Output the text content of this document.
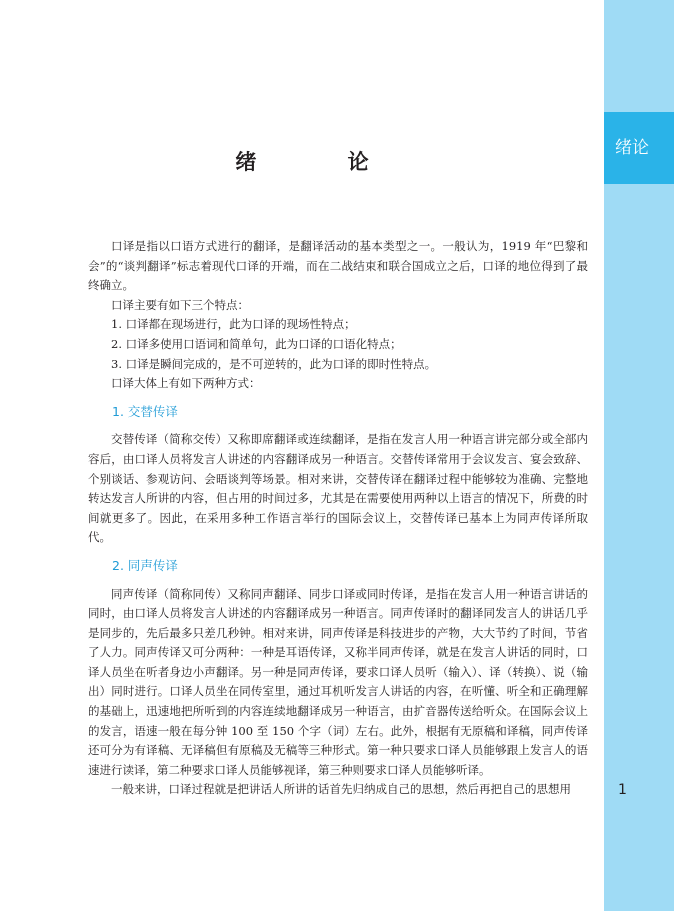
绪论
1
绪 论

口译是指以口语方式进行的翻译，是翻译活动的基本类型之一。一般认为，1919 年“巴黎和会”的“谈判翻译”标志着现代口译的开端，而在二战结束和联合国成立之后，口译的地位得到了最终确立。

口译主要有如下三个特点：

1. 口译都在现场进行，此为口译的现场性特点；

2. 口译多使用口语词和简单句，此为口译的口语化特点；

3. 口译是瞬间完成的，是不可逆转的，此为口译的即时性特点。

口译大体上有如下两种方式：

1. 交替传译

交替传译（简称交传）又称即席翻译或连续翻译，是指在发言人用一种语言讲完部分或全部内容后，由口译人员将发言人讲述的内容翻译成另一种语言。交替传译常用于会议发言、宴会致辞、个别谈话、参观访问、会晤谈判等场景。相对来讲，交替传译在翻译过程中能够较为准确、完整地转达发言人所讲的内容，但占用的时间过多，尤其是在需要使用两种以上语言的情况下，所费的时间就更多了。因此，在采用多种工作语言举行的国际会议上，交替传译已基本上为同声传译所取代。

2. 同声传译

同声传译（简称同传）又称同声翻译、同步口译或同时传译，是指在发言人用一种语言讲话的同时，由口译人员将发言人讲述的内容翻译成另一种语言。同声传译时的翻译同发言人的讲话几乎是同步的，先后最多只差几秒钟。相对来讲，同声传译是科技进步的产物，大大节约了时间，节省了人力。同声传译又可分两种：一种是耳语传译，又称半同声传译，就是在发言人讲话的同时，口译人员坐在听者身边小声翻译。另一种是同声传译，要求口译人员听（输入）、译（转换）、说（输出）同时进行。口译人员坐在同传室里，通过耳机听发言人讲话的内容，在听懂、听全和正确理解的基础上，迅速地把所听到的内容连续地翻译成另一种语言，由扩音器传送给听众。在国际会议上的发言，语速一般在每分钟 100 至 150 个字（词）左右。此外，根据有无原稿和译稿，同声传译还可分为有译稿、无译稿但有原稿及无稿等三种形式。第一种只要求口译人员能够跟上发言人的语速进行读译，第二种要求口译人员能够视译，第三种则要求口译人员能够听译。

一般来讲，口译过程就是把讲话人所讲的话首先归纳成自己的思想，然后再把自己的思想用
